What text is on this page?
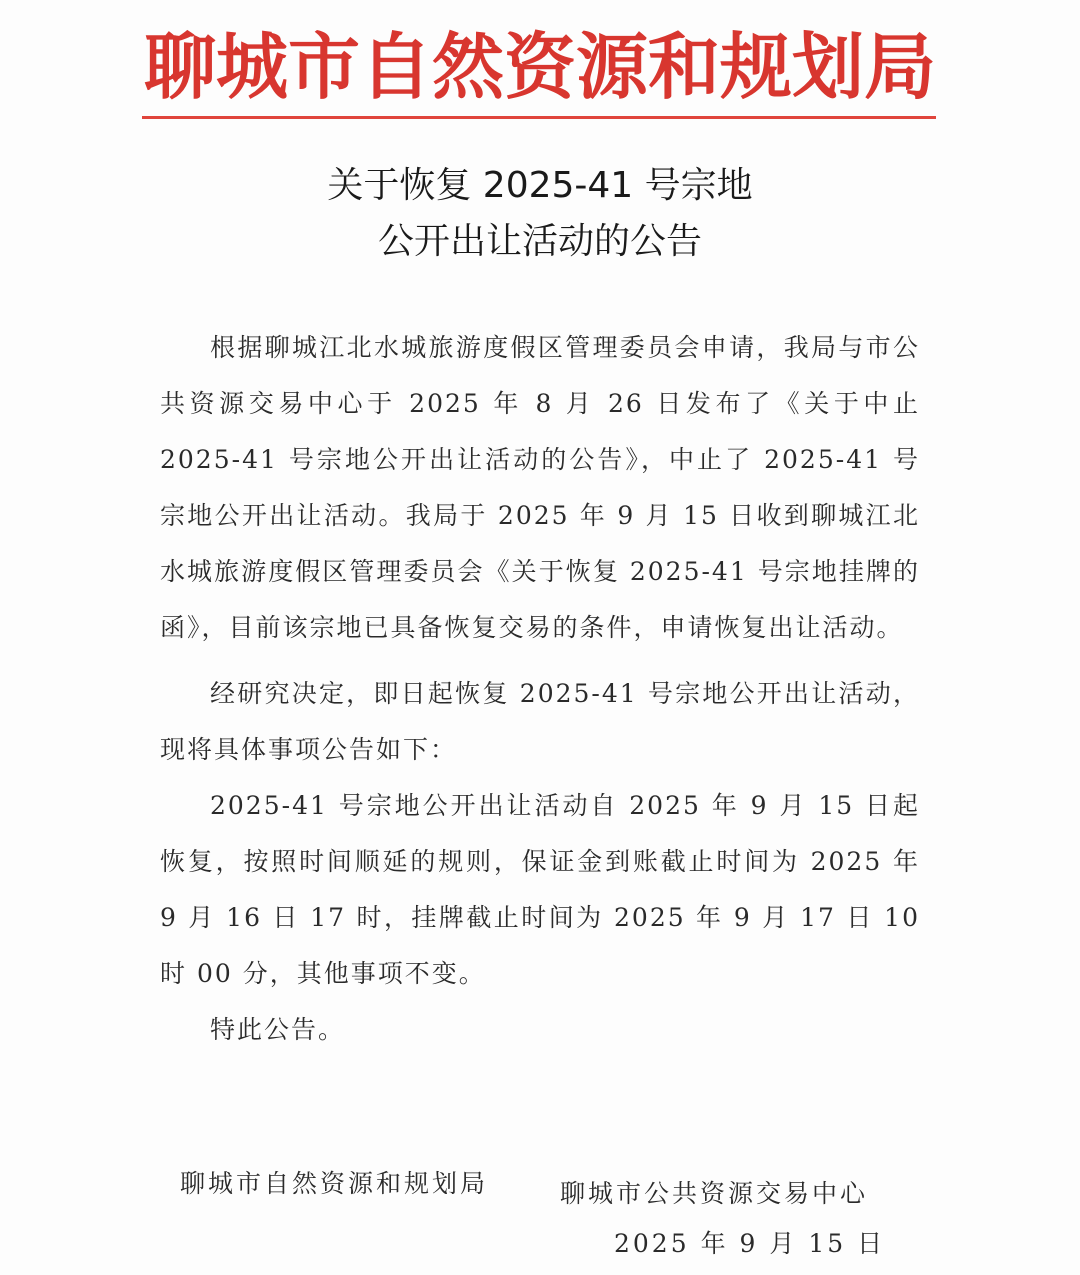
聊城市自然资源和规划局
关于恢复 2025-41 号宗地
公开出让活动的公告

根据聊城江北水城旅游度假区管理委员会申请，我局与市公共资源交易中心于 2025 年 8 月 26 日发布了《关于中止 2025-41 号宗地公开出让活动的公告》，中止了 2025-41 号宗地公开出让活动。我局于 2025 年 9 月 15 日收到聊城江北水城旅游度假区管理委员会《关于恢复 2025-41 号宗地挂牌的函》，目前该宗地已具备恢复交易的条件，申请恢复出让活动。

经研究决定，即日起恢复 2025-41 号宗地公开出让活动，现将具体事项公告如下：

2025-41 号宗地公开出让活动自 2025 年 9 月 15 日起恢复，按照时间顺延的规则，保证金到账截止时间为 2025 年 9 月 16 日 17 时，挂牌截止时间为 2025 年 9 月 17 日 10 时 00 分，其他事项不变。

特此公告。

聊城市自然资源和规划局	聊城市公共资源交易中心
2025 年 9 月 15 日
